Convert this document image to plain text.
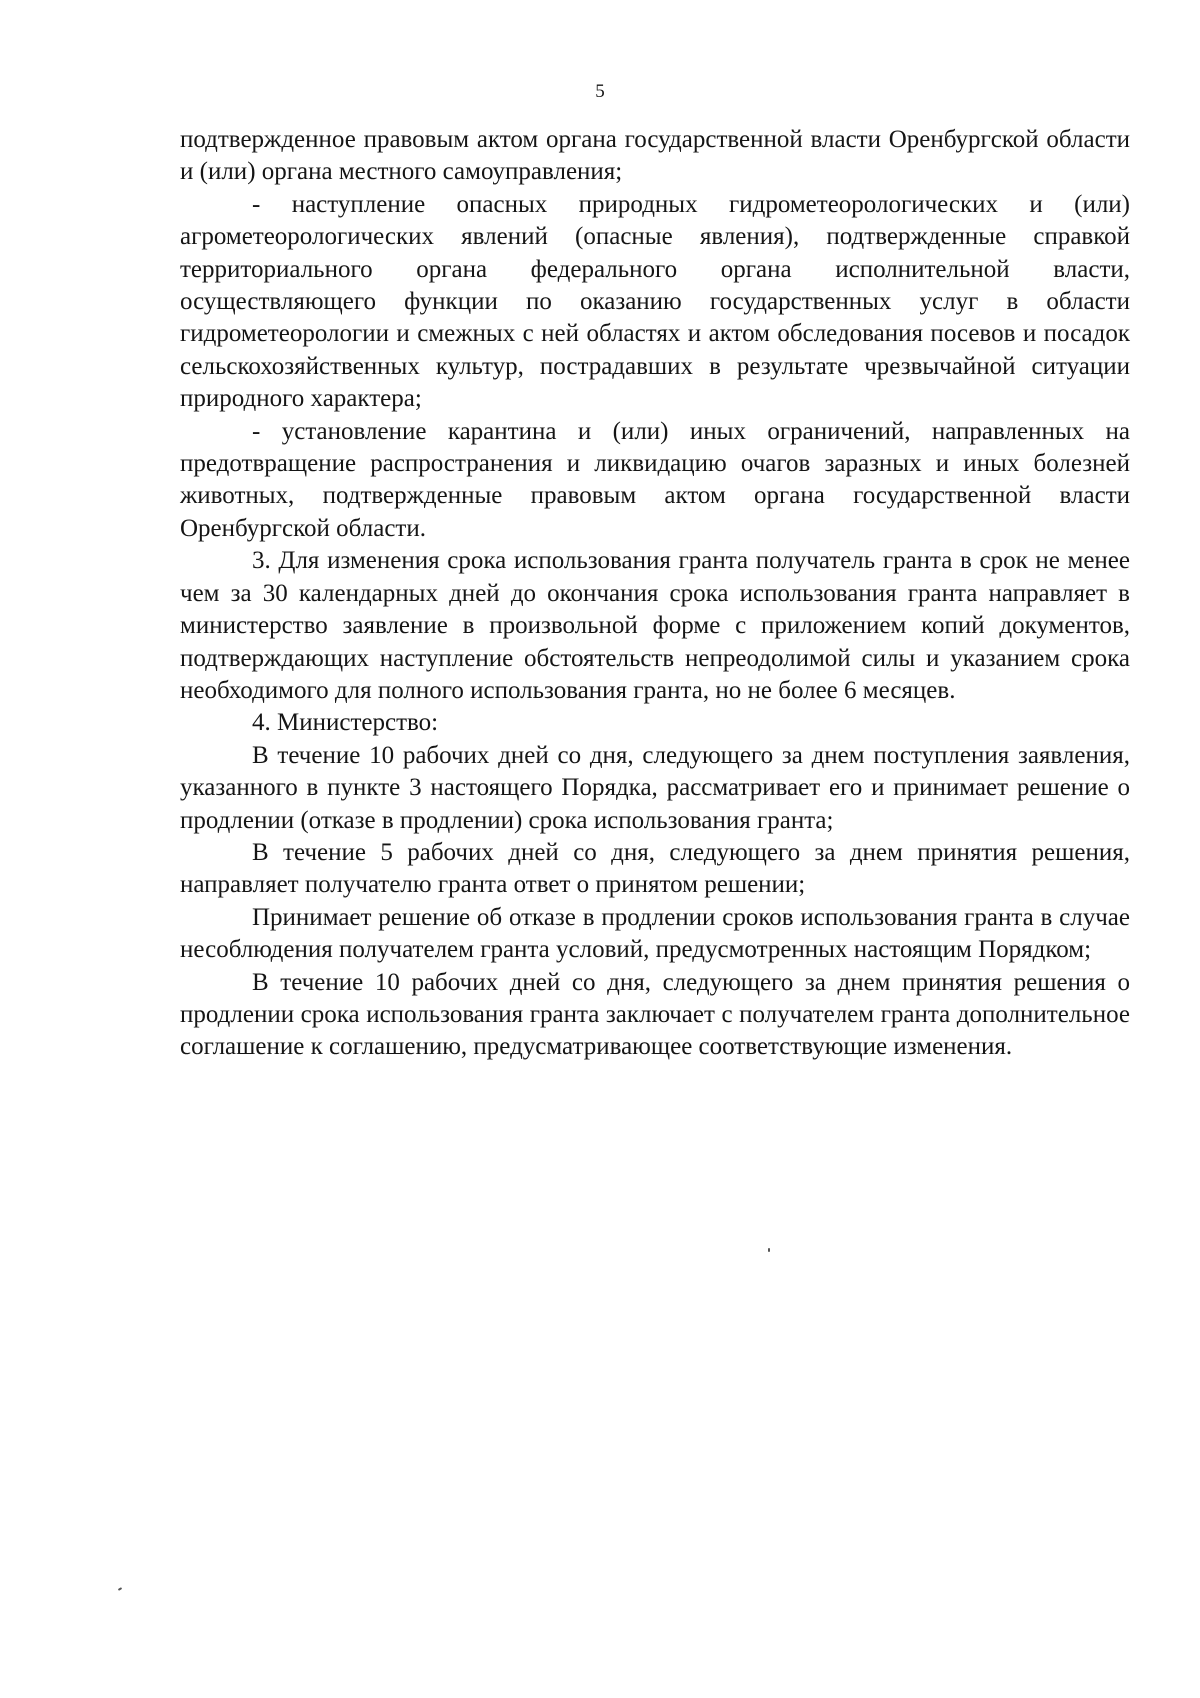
5

подтвержденное правовым актом органа государственной власти Оренбургской области и (или) органа местного самоуправления;

- наступление опасных природных гидрометеорологических и (или) агрометеорологических явлений (опасные явления), подтвержденные справкой территориального органа федерального органа исполнительной власти, осуществляющего функции по оказанию государственных услуг в области гидрометеорологии и смежных с ней областях и актом обследования посевов и посадок сельскохозяйственных культур, пострадавших в результате чрезвычайной ситуации природного характера;

- установление карантина и (или) иных ограничений, направленных на предотвращение распространения и ликвидацию очагов заразных и иных болезней животных, подтвержденные правовым актом органа государственной власти Оренбургской области.

3. Для изменения срока использования гранта получатель гранта в срок не менее чем за 30 календарных дней до окончания срока использования гранта направляет в министерство заявление в произвольной форме с приложением копий документов, подтверждающих наступление обстоятельств непреодолимой силы и указанием срока необходимого для полного использования гранта, но не более 6 месяцев.

4. Министерство:

В течение 10 рабочих дней со дня, следующего за днем поступления заявления, указанного в пункте 3 настоящего Порядка, рассматривает его и принимает решение о продлении (отказе в продлении) срока использования гранта;

В течение 5 рабочих дней со дня, следующего за днем принятия решения, направляет получателю гранта ответ о принятом решении;

Принимает решение об отказе в продлении сроков использования гранта в случае несоблюдения получателем гранта условий, предусмотренных настоящим Порядком;

В течение 10 рабочих дней со дня, следующего за днем принятия решения о продлении срока использования гранта заключает с получателем гранта дополнительное соглашение к соглашению, предусматривающее соответствующие изменения.
